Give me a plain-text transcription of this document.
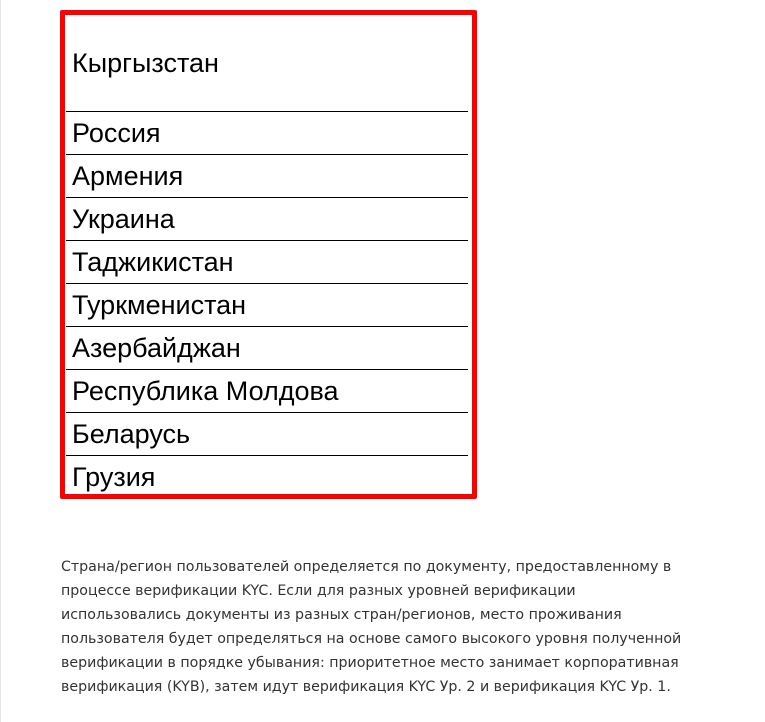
Кыргызстан
Россия
Армения
Украина
Таджикистан
Туркменистан
Азербайджан
Республика Молдова
Беларусь
Грузия

Страна/регион пользователей определяется по документу, предоставленному в процессе верификации KYC. Если для разных уровней верификации использовались документы из разных стран/регионов, место проживания пользователя будет определяться на основе самого высокого уровня полученной верификации в порядке убывания: приоритетное место занимает корпоративная верификация (KYB), затем идут верификация KYC Ур. 2 и верификация KYC Ур. 1.
